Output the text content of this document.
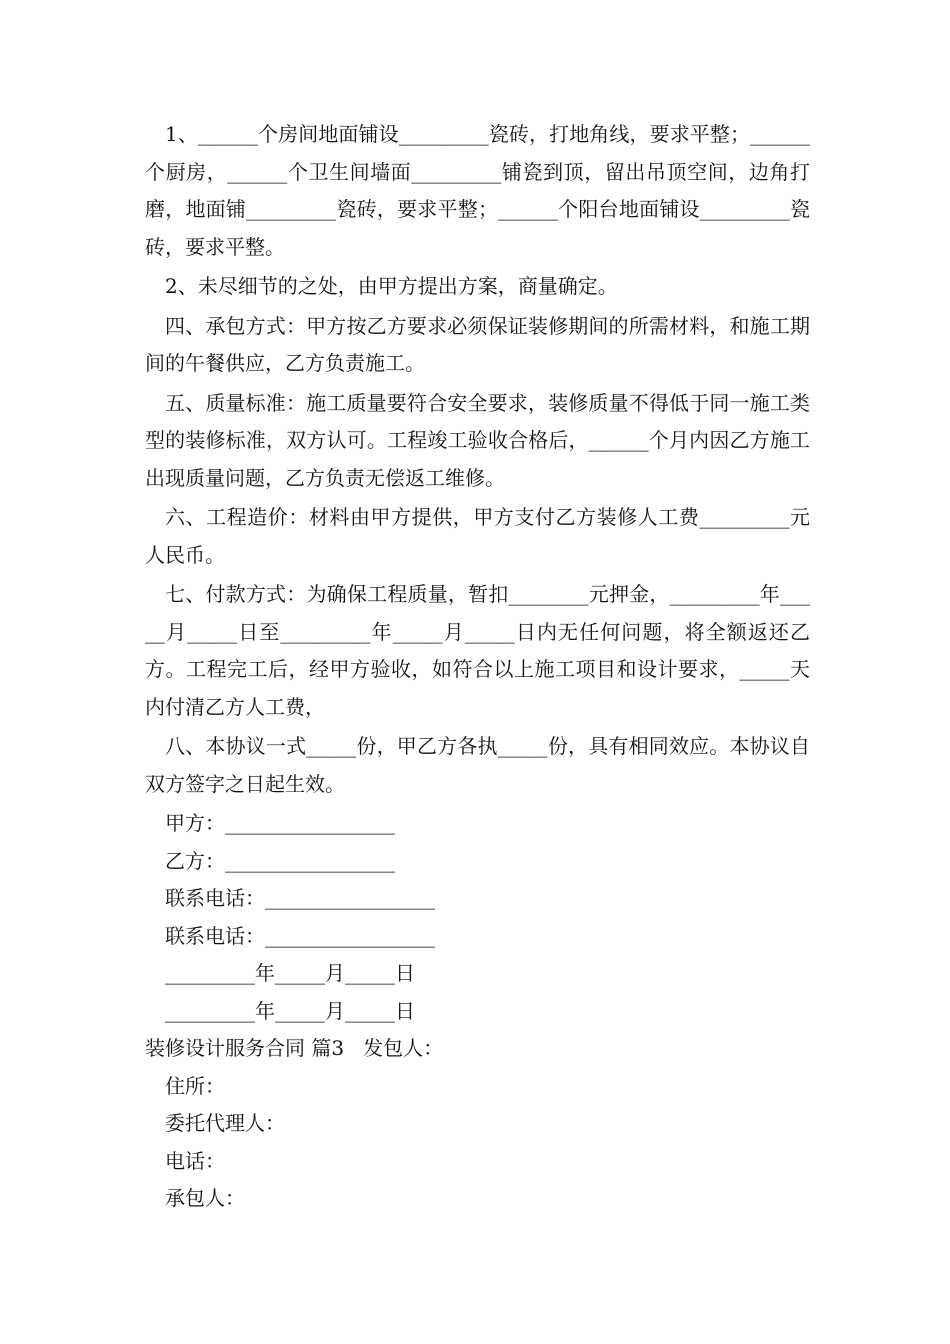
1、______个房间地面铺设_________瓷砖，打地角线，要求平整；______个厨房，______个卫生间墙面_________铺瓷到顶，留出吊顶空间，边角打磨，地面铺_________瓷砖，要求平整；______个阳台地面铺设_________瓷砖，要求平整。

2、未尽细节的之处，由甲方提出方案，商量确定。

四、承包方式：甲方按乙方要求必须保证装修期间的所需材料，和施工期间的午餐供应，乙方负责施工。

五、质量标准：施工质量要符合安全要求，装修质量不得低于同一施工类型的装修标准，双方认可。工程竣工验收合格后，______个月内因乙方施工出现质量问题，乙方负责无偿返工维修。

六、工程造价：材料由甲方提供，甲方支付乙方装修人工费_________元人民币。

七、付款方式：为确保工程质量，暂扣________元押金，_________年_____月_____日至_________年_____月_____日内无任何问题，将全额返还乙方。工程完工后，经甲方验收，如符合以上施工项目和设计要求，_____天内付清乙方人工费，

八、本协议一式_____份，甲乙方各执_____份，具有相同效应。本协议自双方签字之日起生效。

甲方：_________________
乙方：_________________
联系电话：_________________
联系电话：_________________
_________年_____月_____日
_________年_____月_____日
装修设计服务合同 篇3   发包人：
住所：
委托代理人：
电话：
承包人：
